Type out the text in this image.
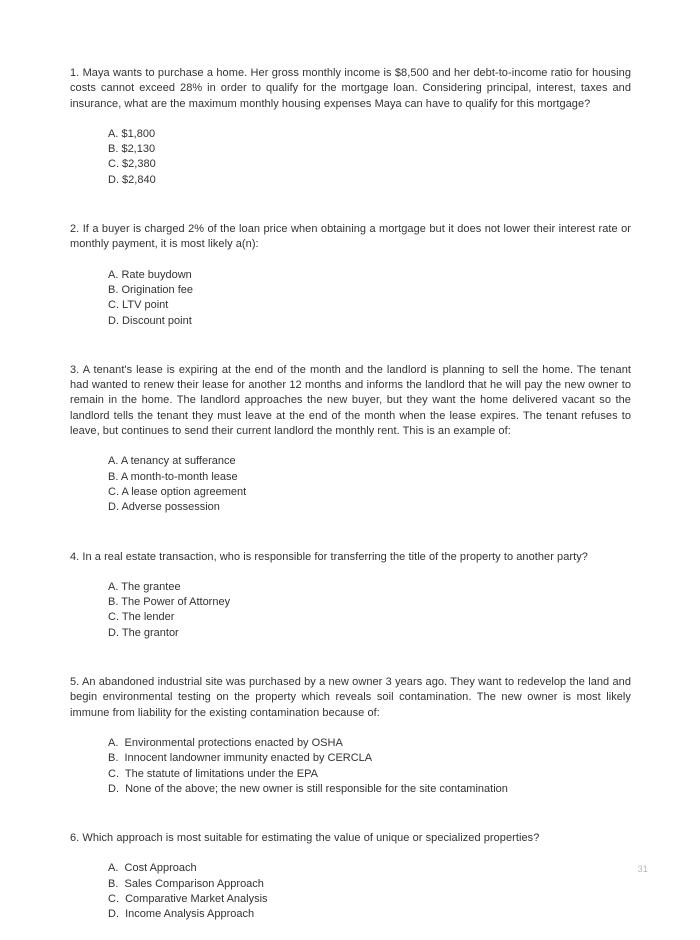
1. Maya wants to purchase a home. Her gross monthly income is $8,500 and her debt-to-income ratio for housing costs cannot exceed 28% in order to qualify for the mortgage loan. Considering principal, interest, taxes and insurance, what are the maximum monthly housing expenses Maya can have to qualify for this mortgage?

A. $1,800
B. $2,130
C. $2,380
D. $2,840

2. If a buyer is charged 2% of the loan price when obtaining a mortgage but it does not lower their interest rate or monthly payment, it is most likely a(n):

A. Rate buydown
B. Origination fee
C. LTV point
D. Discount point

3. A tenant's lease is expiring at the end of the month and the landlord is planning to sell the home. The tenant had wanted to renew their lease for another 12 months and informs the landlord that he will pay the new owner to remain in the home. The landlord approaches the new buyer, but they want the home delivered vacant so the landlord tells the tenant they must leave at the end of the month when the lease expires. The tenant refuses to leave, but continues to send their current landlord the monthly rent. This is an example of:

A. A tenancy at sufferance
B. A month-to-month lease
C. A lease option agreement
D. Adverse possession

4. In a real estate transaction, who is responsible for transferring the title of the property to another party?

A. The grantee
B. The Power of Attorney
C. The lender
D. The grantor

5. An abandoned industrial site was purchased by a new owner 3 years ago. They want to redevelop the land and begin environmental testing on the property which reveals soil contamination. The new owner is most likely immune from liability for the existing contamination because of:

A.  Environmental protections enacted by OSHA
B.  Innocent landowner immunity enacted by CERCLA
C.  The statute of limitations under the EPA
D.  None of the above; the new owner is still responsible for the site contamination

6. Which approach is most suitable for estimating the value of unique or specialized properties?

A.  Cost Approach
B.  Sales Comparison Approach
C.  Comparative Market Analysis
D.  Income Analysis Approach
31
